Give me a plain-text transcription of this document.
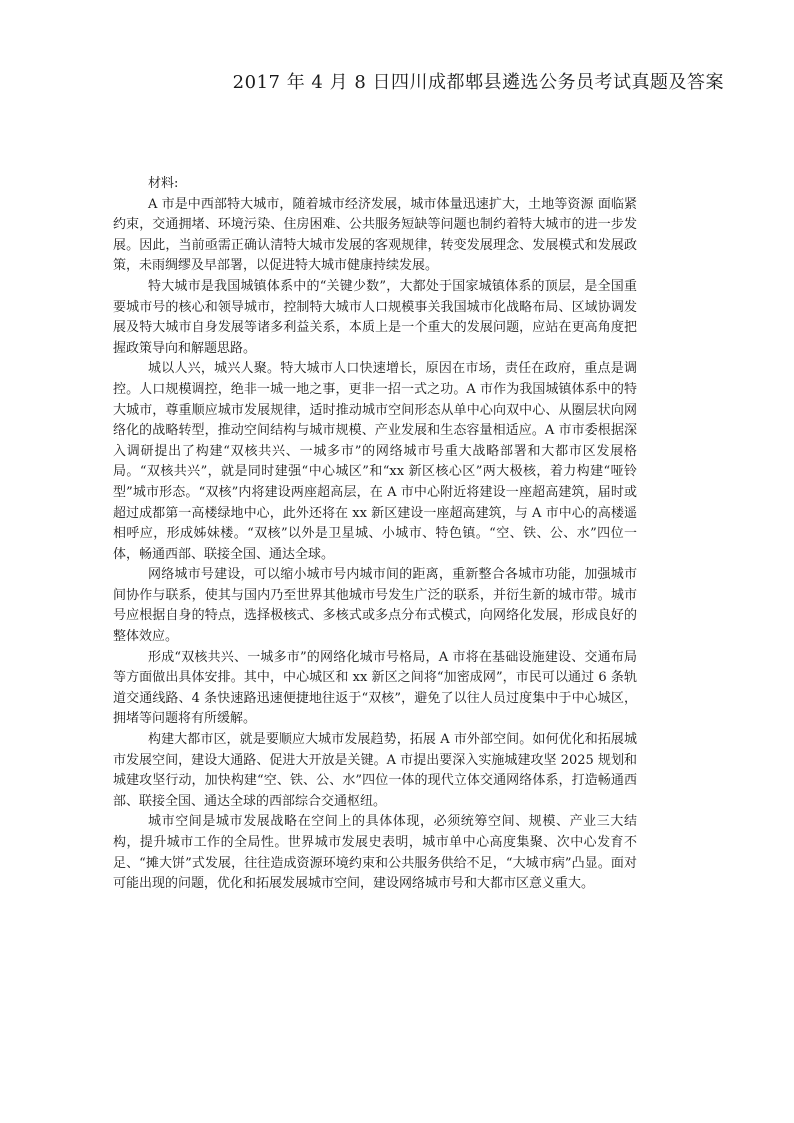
2017 年 4 月 8 日四川成都郫县遴选公务员考试真题及答案

材料:

A 市是中西部特大城市，随着城市经济发展，城市体量迅速扩大，土地等资源 面临紧约束，交通拥堵、环境污染、住房困难、公共服务短缺等问题也制约着特大城市的进一步发展。因此，当前亟需正确认清特大城市发展的客观规律，转变发展理念、发展模式和发展政策，未雨绸缪及早部署，以促进特大城市健康持续发展。

特大城市是我国城镇体系中的“关键少数”，大都处于国家城镇体系的顶层，是全国重要城市号的核心和领导城市，控制特大城市人口规模事关我国城市化战略布局、区域协调发展及特大城市自身发展等诸多利益关系，本质上是一个重大的发展问题，应站在更高角度把握政策导向和解题思路。

城以人兴，城兴人聚。特大城市人口快速增长，原因在市场，责任在政府，重点是调控。人口规模调控，绝非一城一地之事，更非一招一式之功。A 市作为我国城镇体系中的特大城市，尊重顺应城市发展规律，适时推动城市空间形态从单中心向双中心、从圈层状向网络化的战略转型，推动空间结构与城市规模、产业发展和生态容量相适应。A 市市委根据深入调研提出了构建“双核共兴、一城多市”的网络城市号重大战略部署和大都市区发展格局。“双核共兴”，就是同时建强“中心城区”和“xx 新区核心区”两大极核，着力构建“哑铃型”城市形态。“双核”内将建设两座超高层，在 A 市中心附近将建设一座超高建筑，届时或超过成都第一高楼绿地中心，此外还将在 xx 新区建设一座超高建筑，与 A 市中心的高楼遥相呼应，形成姊妹楼。“双核”以外是卫星城、小城市、特色镇。“空、铁、公、水”四位一体，畅通西部、联接全国、通达全球。

网络城市号建设，可以缩小城市号内城市间的距离，重新整合各城市功能，加强城市间协作与联系，使其与国内乃至世界其他城市号发生广泛的联系，并衍生新的城市带。城市号应根据自身的特点，选择极核式、多核式或多点分布式模式，向网络化发展，形成良好的整体效应。

形成“双核共兴、一城多市”的网络化城市号格局，A 市将在基础设施建设、交通布局等方面做出具体安排。其中，中心城区和 xx 新区之间将“加密成网”，市民可以通过 6 条轨道交通线路、4 条快速路迅速便捷地往返于“双核”，避免了以往人员过度集中于中心城区，拥堵等问题将有所缓解。

构建大都市区，就是要顺应大城市发展趋势，拓展 A 市外部空间。如何优化和拓展城市发展空间，建设大通路、促进大开放是关键。A 市提出要深入实施城建攻坚 2025 规划和城建攻坚行动，加快构建“空、铁、公、水”四位一体的现代立体交通网络体系，打造畅通西部、联接全国、通达全球的西部综合交通枢纽。

城市空间是城市发展战略在空间上的具体体现，必须统筹空间、规模、产业三大结构，提升城市工作的全局性。世界城市发展史表明，城市单中心高度集聚、次中心发育不足、“摊大饼”式发展，往往造成资源环境约束和公共服务供给不足，“大城市病”凸显。面对可能出现的问题，优化和拓展发展城市空间，建设网络城市号和大都市区意义重大。
